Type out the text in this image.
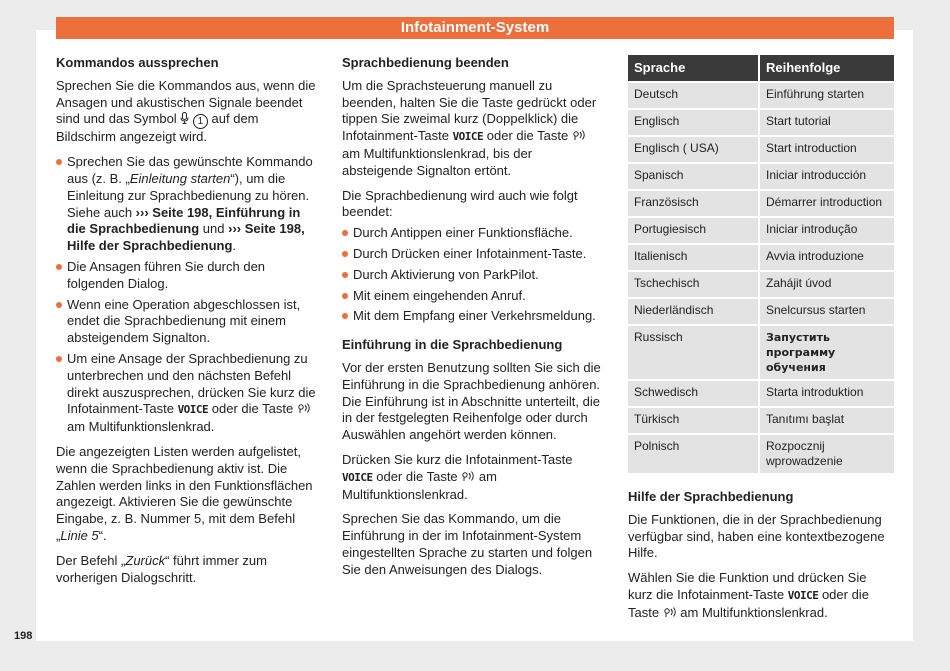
Infotainment-System
Kommandos aussprechen

Sprechen Sie die Kommandos aus, wenn die Ansagen und akustischen Signale beendet sind und das Symbol  1 auf dem Bildschirm angezeigt wird.

Sprechen Sie das gewünschte Kommando aus (z. B. „Einleitung starten“), um die Einleitung zur Sprachbedienung zu hören. Siehe auch ››› Seite 198, Einführung in die Sprachbedienung und ››› Seite 198, Hilfe der Sprachbedienung.
Die Ansagen führen Sie durch den folgenden Dialog.
Wenn eine Operation abgeschlossen ist, endet die Sprachbedienung mit einem absteigendem Signalton.
Um eine Ansage der Sprachbedienung zu unterbrechen und den nächsten Befehl direkt auszusprechen, drücken Sie kurz die Infotainment-Taste VOICE oder die Taste  am Multifunktionslenkrad.

Die angezeigten Listen werden aufgelistet, wenn die Sprachbedienung aktiv ist. Die Zahlen werden links in den Funktionsflächen angezeigt. Aktivieren Sie die gewünschte Eingabe, z. B. Nummer 5, mit dem Befehl „Linie 5“.

Der Befehl „Zurück“ führt immer zum vorherigen Dialogschritt.

Sprachbedienung beenden

Um die Sprachsteuerung manuell zu beenden, halten Sie die Taste gedrückt oder tippen Sie zweimal kurz (Doppelklick) die Infotainment-Taste VOICE oder die Taste  am Multifunktionslenkrad, bis der absteigende Signalton ertönt.

Die Sprachbedienung wird auch wie folgt beendet:

Durch Antippen einer Funktionsfläche.
Durch Drücken einer Infotainment-Taste.
Durch Aktivierung von ParkPilot.
Mit einem eingehenden Anruf.
Mit dem Empfang einer Verkehrsmeldung.
Einführung in die Sprachbedienung

Vor der ersten Benutzung sollten Sie sich die Einführung in die Sprachbedienung anhören. Die Einführung ist in Abschnitte unterteilt, die in der festgelegten Reihenfolge oder durch Auswählen angehört werden können.

Drücken Sie kurz die Infotainment-Taste VOICE oder die Taste  am Multifunktionslenkrad.

Sprechen Sie das Kommando, um die Einführung in der im Infotainment-System eingestellten Sprache zu starten und folgen Sie den Anweisungen des Dialogs.

Sprache	Reihenfolge
Deutsch	Einführung starten
Englisch	Start tutorial
Englisch ( USA)	Start introduction
Spanisch	Iniciar introducción
Französisch	Démarrer introduction
Portugiesisch	Iniciar introdução
Italienisch	Avvia introduzione
Tschechisch	Zahájit úvod
Niederländisch	Snelcursus starten
Russisch	Запустить программу обучения
Schwedisch	Starta introduktion
Türkisch	Tanıtımı başlat
Polnisch	Rozpocznij wprowadzenie
Hilfe der Sprachbedienung

Die Funktionen, die in der Sprachbedienung verfügbar sind, haben eine kontextbezogene Hilfe.

Wählen Sie die Funktion und drücken Sie kurz die Infotainment-Taste VOICE oder die Taste  am Multifunktionslenkrad.

198
